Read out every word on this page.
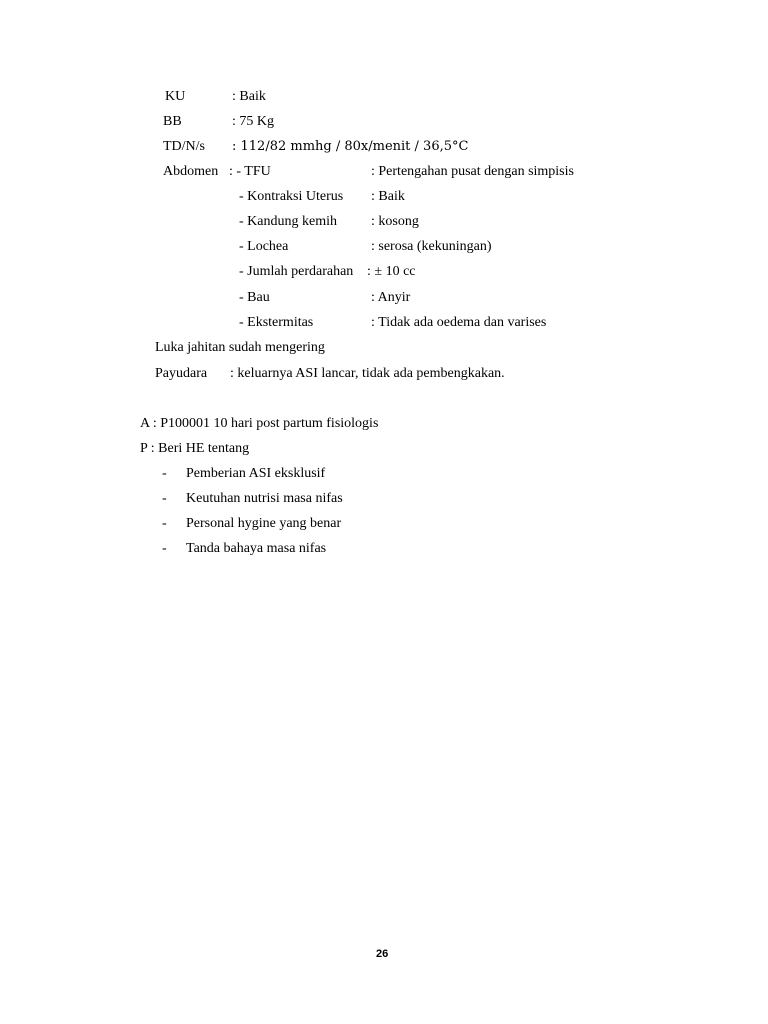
KU	: Baik
BB	: 75 Kg
TD/N/s : 112/82 mmhg / 80x/menit / 36,5°C
Abdomen : - TFU	: Pertengahan pusat dengan simpisis
- Kontraksi Uterus : Baik
- Kandung kemih : kosong
- Lochea	: serosa (kekuningan)
- Jumlah perdarahan : ± 10 cc
- Bau	: Anyir
- Ekstermitas	: Tidak ada oedema dan varises
Luka jahitan sudah mengering
Payudara : keluarnya ASI lancar, tidak ada pembengkakan.
A : P100001 10 hari post partum fisiologis
P : Beri HE tentang
- Pemberian ASI eksklusif
- Keutuhan nutrisi masa nifas
- Personal hygine yang benar
- Tanda bahaya masa nifas
26
